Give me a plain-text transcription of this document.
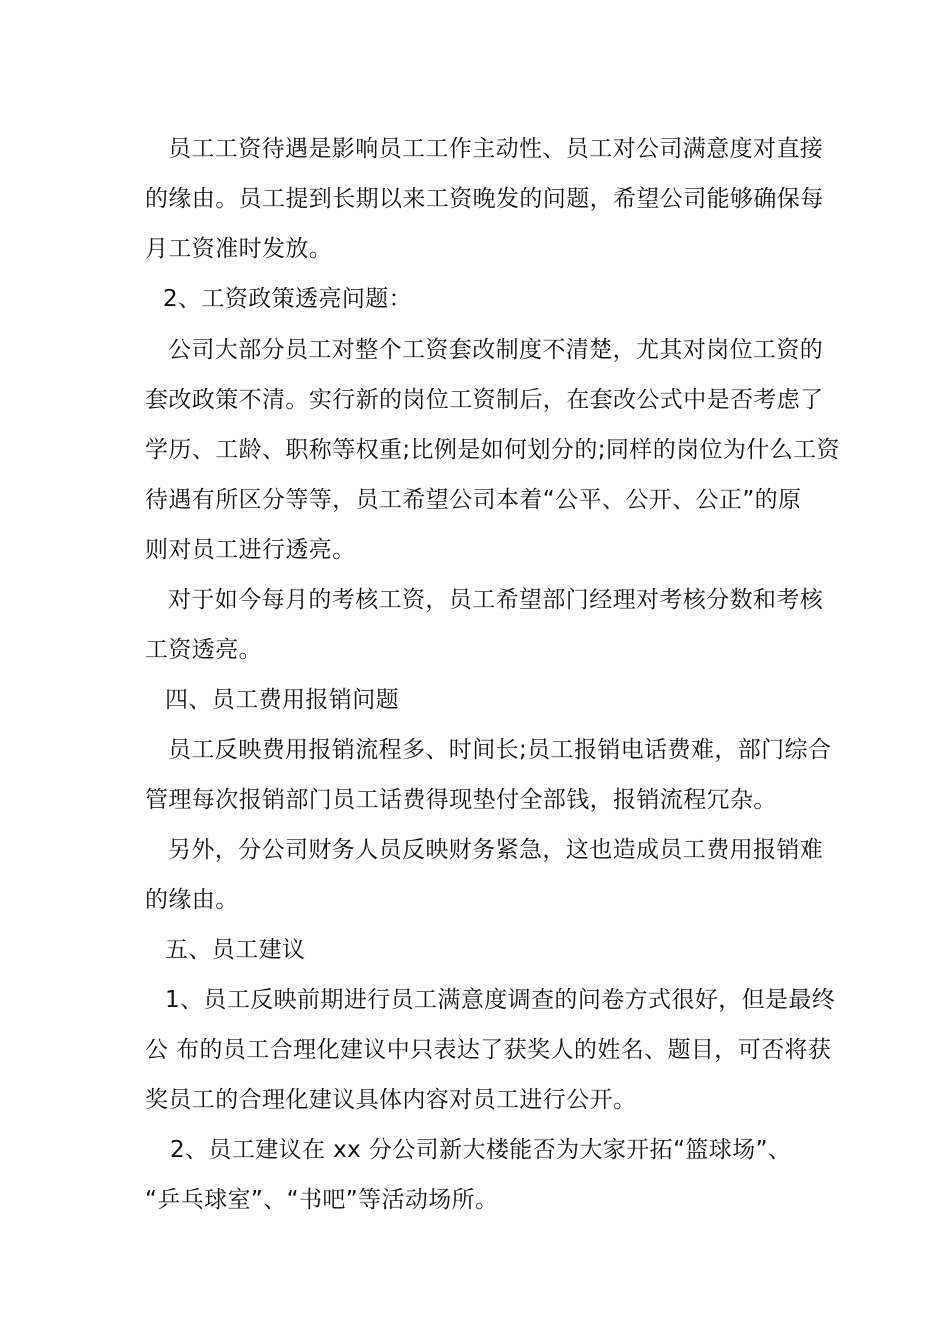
员工工资待遇是影响员工工作主动性、员工对公司满意度对直接
的缘由。员工提到长期以来工资晚发的问题，希望公司能够确保每
月工资准时发放。
2、工资政策透亮问题：
公司大部分员工对整个工资套改制度不清楚，尤其对岗位工资的
套改政策不清。实行新的岗位工资制后，在套改公式中是否考虑了
学历、工龄、职称等权重;比例是如何划分的;同样的岗位为什么工资
待遇有所区分等等，员工希望公司本着“公平、公开、公正”的原
则对员工进行透亮。
对于如今每月的考核工资，员工希望部门经理对考核分数和考核
工资透亮。
四、员工费用报销问题
员工反映费用报销流程多、时间长;员工报销电话费难，部门综合
管理每次报销部门员工话费得现垫付全部钱，报销流程冗杂。
另外，分公司财务人员反映财务紧急，这也造成员工费用报销难
的缘由。
五、员工建议
1、员工反映前期进行员工满意度调查的问卷方式很好，但是最终
公 布的员工合理化建议中只表达了获奖人的姓名、题目，可否将获
奖员工的合理化建议具体内容对员工进行公开。
2、员工建议在 xx 分公司新大楼能否为大家开拓“篮球场”、
“乒乓球室”、“书吧”等活动场所。
